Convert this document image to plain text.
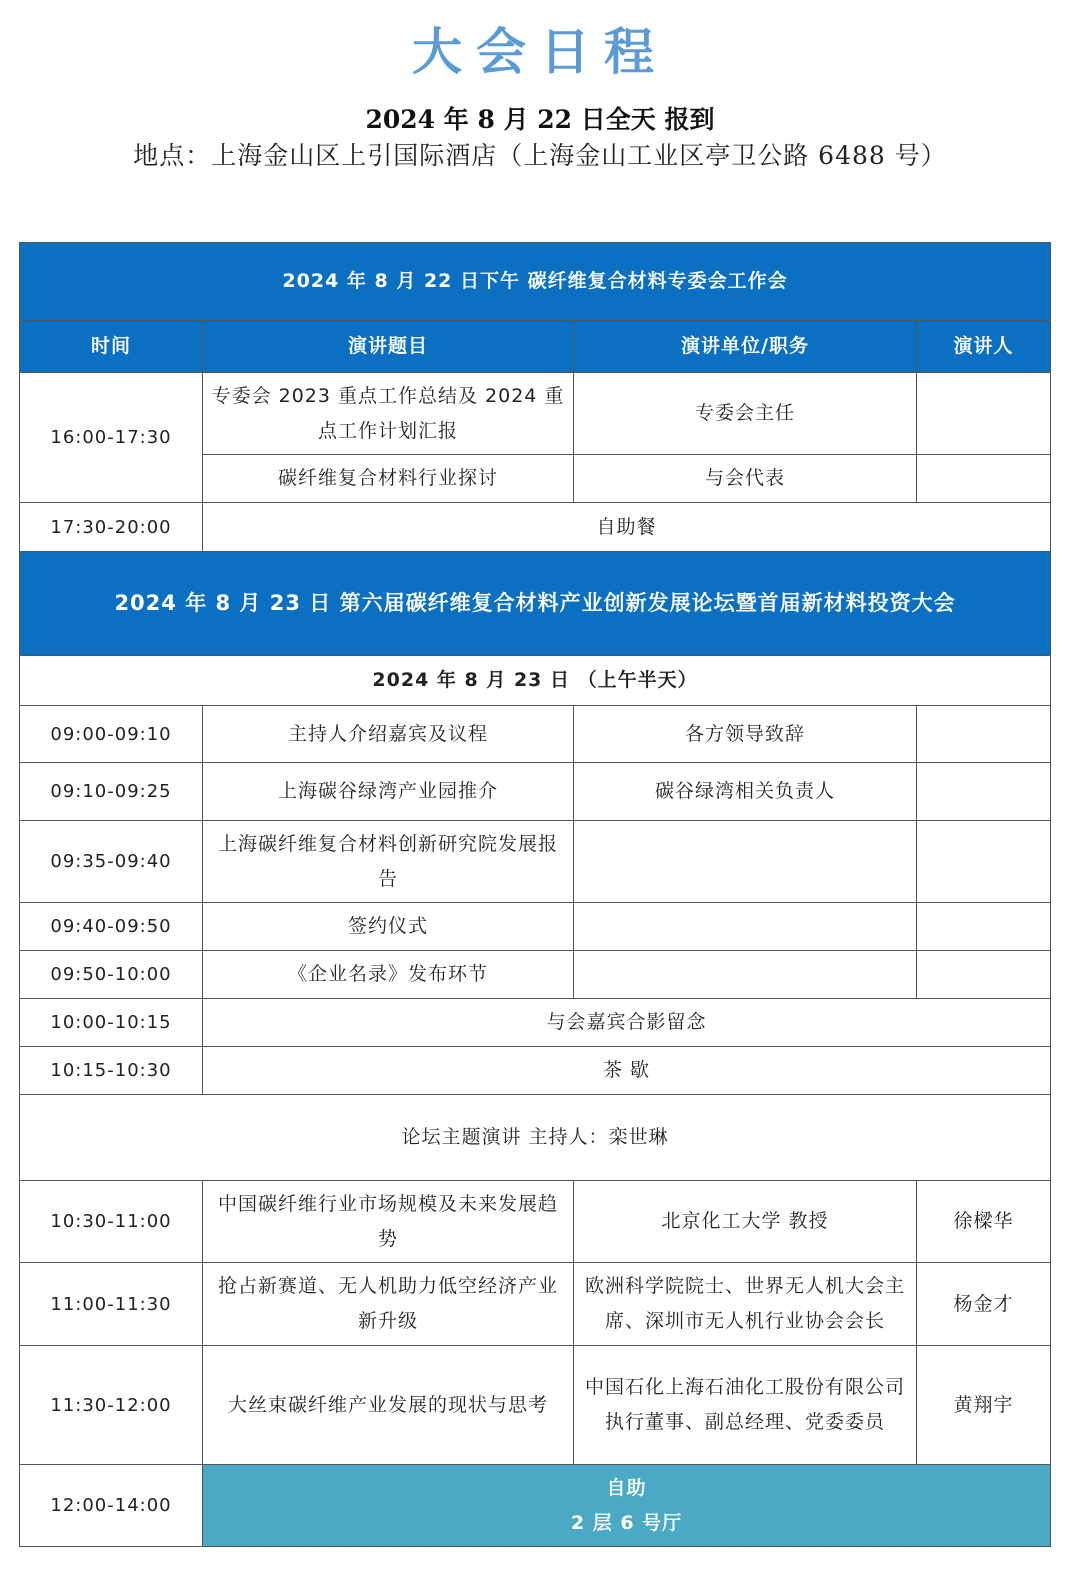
大会日程
2024 年 8 月 22 日全天 报到
地点：上海金山区上引国际酒店（上海金山工业区亭卫公路 6488 号）
2024 年 8 月 22 日下午 碳纤维复合材料专委会工作会			
时间	演讲题目	演讲单位/职务	演讲人
16:00-17:30	专委会 2023 重点工作总结及 2024 重点工作计划汇报	专委会主任	
	碳纤维复合材料行业探讨	与会代表	
17:30-20:00	自助餐		
2024 年 8 月 23 日 第六届碳纤维复合材料产业创新发展论坛暨首届新材料投资大会			
2024 年 8 月 23 日 （上午半天）			
09:00-09:10	主持人介绍嘉宾及议程	各方领导致辞	
09:10-09:25	上海碳谷绿湾产业园推介	碳谷绿湾相关负责人	
09:35-09:40	上海碳纤维复合材料创新研究院发展报告		
09:40-09:50	签约仪式		
09:50-10:00	《企业名录》发布环节		
10:00-10:15	与会嘉宾合影留念		
10:15-10:30	茶 歇		
论坛主题演讲 主持人：栾世琳			
10:30-11:00	中国碳纤维行业市场规模及未来发展趋势	北京化工大学 教授	徐樑华
11:00-11:30	抢占新赛道、无人机助力低空经济产业新升级	欧洲科学院院士、世界无人机大会主席、深圳市无人机行业协会会长	杨金才
11:30-12:00	大丝束碳纤维产业发展的现状与思考	中国石化上海石油化工股份有限公司 执行董事、副总经理、党委委员	黄翔宇
12:00-14:00	自助
2 层 6 号厅		
